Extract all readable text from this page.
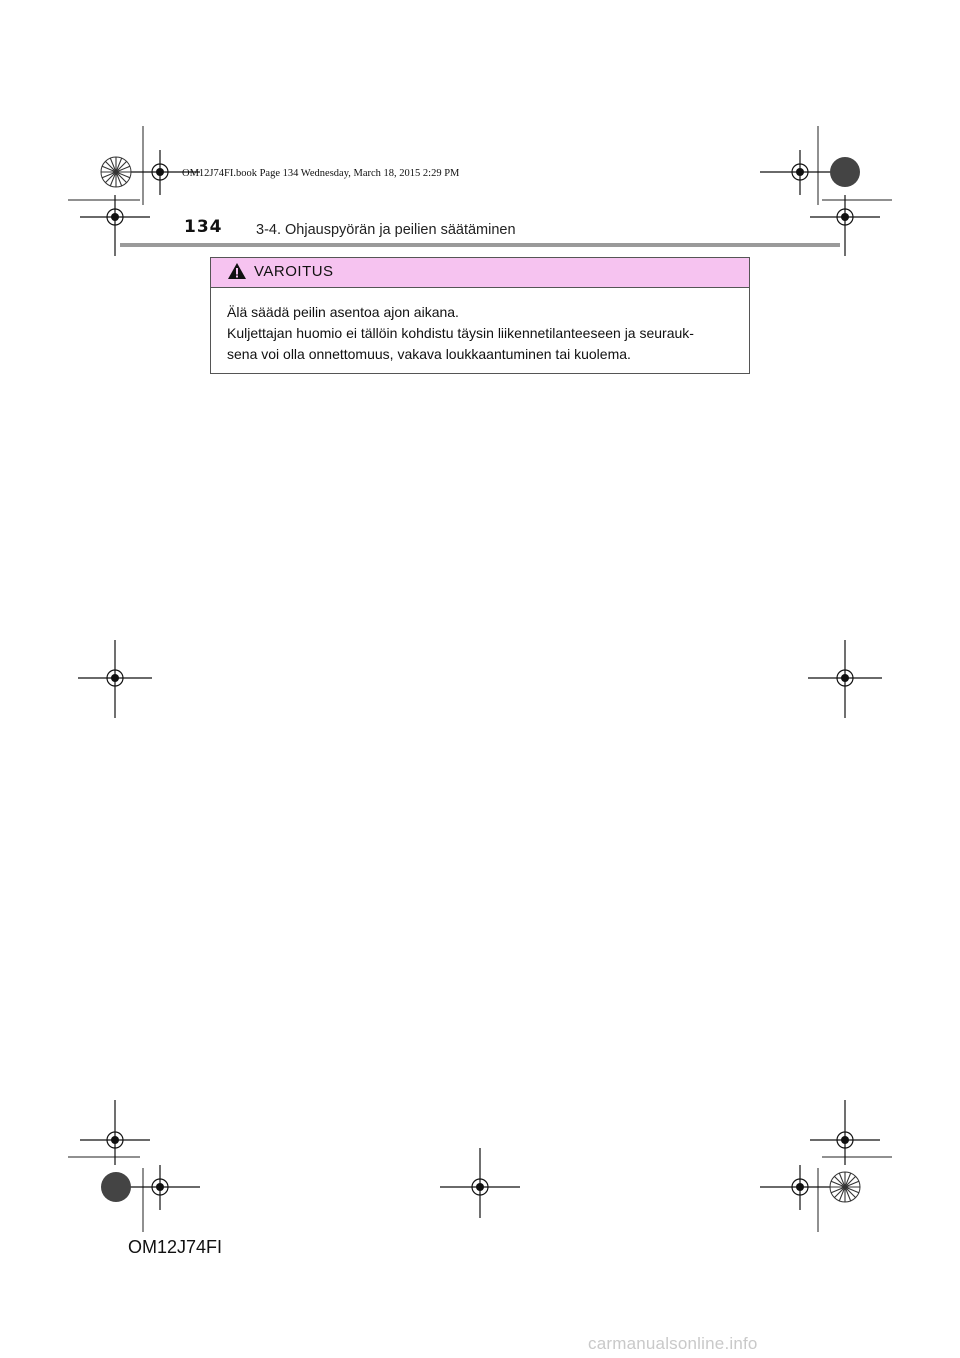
OM12J74FI.book Page 134 Wednesday, March 18, 2015 2:29 PM
134 3-4. Ohjauspyörän ja peilien säätäminen
VAROITUS

Älä säädä peilin asentoa ajon aikana.

Kuljettajan huomio ei tällöin kohdistu täysin liikennetilanteeseen ja seurauk-

sena voi olla onnettomuus, vakava loukkaantuminen tai kuolema.

OM12J74FI
carmanualsonline.info
